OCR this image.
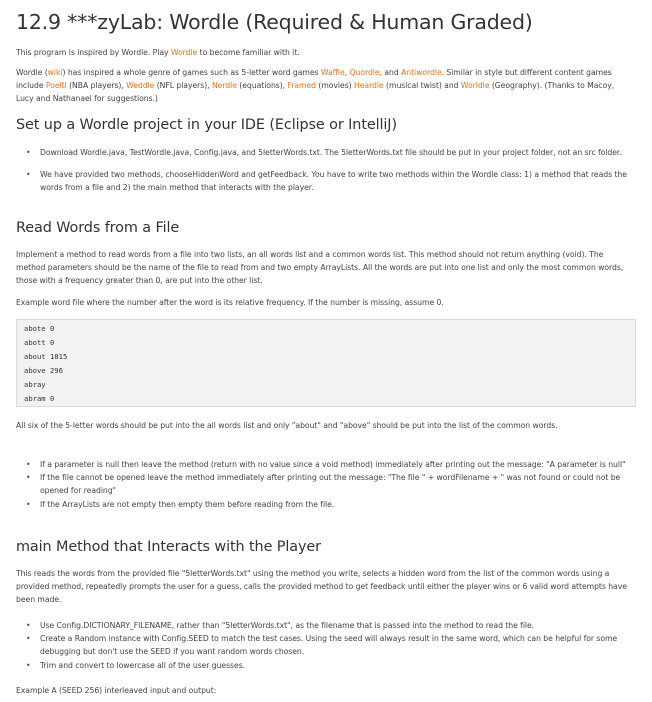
12.9 ***zyLab: Wordle (Required & Human Graded)

This program is inspired by Wordle. Play Wordle to become familiar with it.

Wordle (wiki) has inspired a whole genre of games such as 5-letter word games Waffle, Quordle, and Antiwordle. Similar in style but different content games include Poeltl (NBA players), Weddle (NFL players), Nerdle (equations), Framed (movies) Heardle (musical twist) and Worldle (Geography). (Thanks to Macoy, Lucy and Nathanael for suggestions.)

Set up a Wordle project in your IDE (Eclipse or IntelliJ)
• Download Wordle.java, TestWordle.java, Config.java, and 5letterWords.txt. The 5letterWords.txt file should be put in your project folder, not an src folder.
• We have provided two methods, chooseHiddenWord and getFeedback. You have to write two methods within the Wordle class: 1) a method that reads the words from a file and 2) the main method that interacts with the player.
Read Words from a File

Implement a method to read words from a file into two lists, an all words list and a common words list. This method should not return anything (void). The method parameters should be the name of the file to read from and two empty ArrayLists. All the words are put into one list and only the most common words, those with a frequency greater than 0, are put into the other list.

Example word file where the number after the word is its relative frequency. If the number is missing, assume 0.

abote 0
abott 0
about 1815
above 296
abray
abram 0

All six of the 5-letter words should be put into the all words list and only "about" and "above" should be put into the list of the common words.

• If a parameter is null then leave the method (return with no value since a void method) immediately after printing out the message: "A parameter is null"
• If the file cannot be opened leave the method immediately after printing out the message: "The file " + wordFilename + " was not found or could not be opened for reading"
• If the ArrayLists are not empty then empty them before reading from the file.
main Method that Interacts with the Player

This reads the words from the provided file "5letterWords.txt" using the method you write, selects a hidden word from the list of the common words using a provided method, repeatedly prompts the user for a guess, calls the provided method to get feedback until either the player wins or 6 valid word attempts have been made.

• Use Config.DICTIONARY_FILENAME, rather than "5letterWords.txt", as the filename that is passed into the method to read the file.
• Create a Random instance with Config.SEED to match the test cases. Using the seed will always result in the same word, which can be helpful for some debugging but don't use the SEED if you want random words chosen.
• Trim and convert to lowercase all of the user guesses.

Example A (SEED 256) interleaved input and output:
